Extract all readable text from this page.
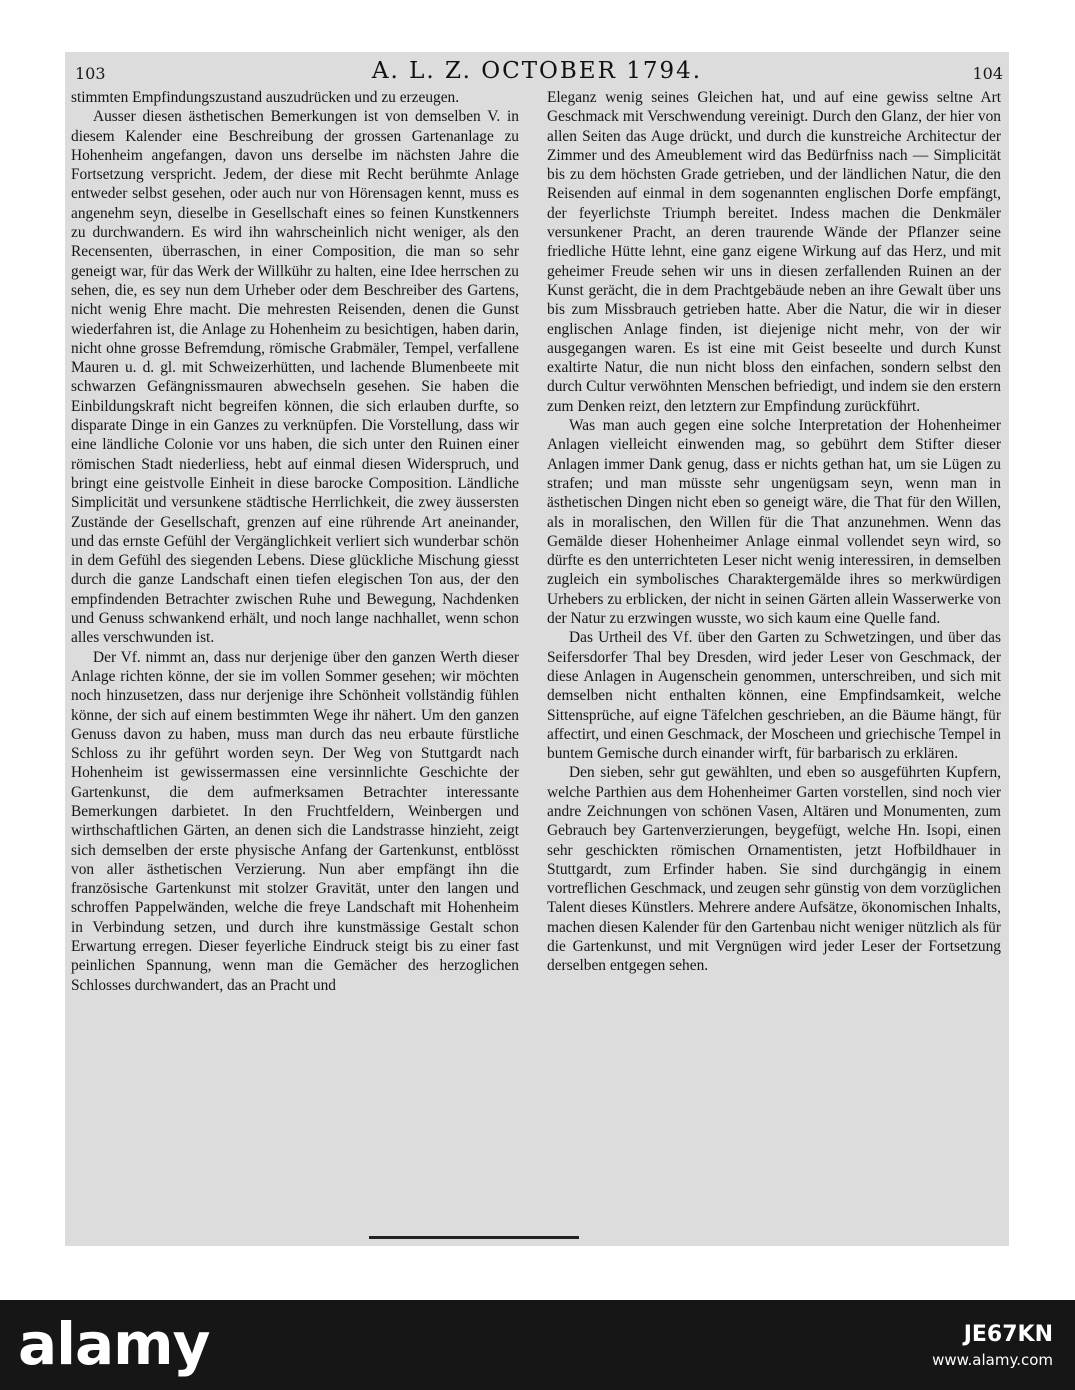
103	A. L. Z. OCTOBER 1794.	104

stimmten Empfindungszustand auszudrücken und zu erzeugen.

Ausser diesen ästhetischen Bemerkungen ist von demselben V. in diesem Kalender eine Beschreibung der grossen Gartenanlage zu Hohenheim angefangen, davon uns derselbe im nächsten Jahre die Fortsetzung verspricht. Jedem, der diese mit Recht berühmte Anlage entweder selbst gesehen, oder auch nur von Hörensagen kennt, muss es angenehm seyn, dieselbe in Gesellschaft eines so feinen Kunstkenners zu durchwandern. Es wird ihn wahrscheinlich nicht weniger, als den Recensenten, überraschen, in einer Composition, die man so sehr geneigt war, für das Werk der Willkühr zu halten, eine Idee herrschen zu sehen, die, es sey nun dem Urheber oder dem Beschreiber des Gartens, nicht wenig Ehre macht. Die mehresten Reisenden, denen die Gunst wiederfahren ist, die Anlage zu Hohenheim zu besichtigen, haben darin, nicht ohne grosse Befremdung, römische Grabmäler, Tempel, verfallene Mauren u. d. gl. mit Schweizerhütten, und lachende Blumenbeete mit schwarzen Gefängnissmauren abwechseln gesehen. Sie haben die Einbildungskraft nicht begreifen können, die sich erlauben durfte, so disparate Dinge in ein Ganzes zu verknüpfen. Die Vorstellung, dass wir eine ländliche Colonie vor uns haben, die sich unter den Ruinen einer römischen Stadt niederliess, hebt auf einmal diesen Widerspruch, und bringt eine geistvolle Einheit in diese barocke Composition. Ländliche Simplicität und versunkene städtische Herrlichkeit, die zwey äussersten Zustände der Gesellschaft, grenzen auf eine rührende Art aneinander, und das ernste Gefühl der Vergänglichkeit verliert sich wunderbar schön in dem Gefühl des siegenden Lebens. Diese glückliche Mischung giesst durch die ganze Landschaft einen tiefen elegischen Ton aus, der den empfindenden Betrachter zwischen Ruhe und Bewegung, Nachdenken und Genuss schwankend erhält, und noch lange nachhallet, wenn schon alles verschwunden ist.

Der Vf. nimmt an, dass nur derjenige über den ganzen Werth dieser Anlage richten könne, der sie im vollen Sommer gesehen; wir möchten noch hinzusetzen, dass nur derjenige ihre Schönheit vollständig fühlen könne, der sich auf einem bestimmten Wege ihr nähert. Um den ganzen Genuss davon zu haben, muss man durch das neu erbaute fürstliche Schloss zu ihr geführt worden seyn. Der Weg von Stuttgardt nach Hohenheim ist gewissermassen eine versinnlichte Geschichte der Gartenkunst, die dem aufmerksamen Betrachter interessante Bemerkungen darbietet. In den Fruchtfeldern, Weinbergen und wirthschaftlichen Gärten, an denen sich die Landstrasse hinzieht, zeigt sich demselben der erste physische Anfang der Gartenkunst, entblösst von aller ästhetischen Verzierung. Nun aber empfängt ihn die französische Gartenkunst mit stolzer Gravität, unter den langen und schroffen Pappelwänden, welche die freye Landschaft mit Hohenheim in Verbindung setzen, und durch ihre kunstmässige Gestalt schon Erwartung erregen. Dieser feyerliche Eindruck steigt bis zu einer fast peinlichen Spannung, wenn man die Gemächer des herzoglichen Schlosses durchwandert, das an Pracht und

Eleganz wenig seines Gleichen hat, und auf eine gewiss seltne Art Geschmack mit Verschwendung vereinigt. Durch den Glanz, der hier von allen Seiten das Auge drückt, und durch die kunstreiche Architectur der Zimmer und des Ameublement wird das Bedürfniss nach — Simplicität bis zu dem höchsten Grade getrieben, und der ländlichen Natur, die den Reisenden auf einmal in dem sogenannten englischen Dorfe empfängt, der feyerlichste Triumph bereitet. Indess machen die Denkmäler versunkener Pracht, an deren traurende Wände der Pflanzer seine friedliche Hütte lehnt, eine ganz eigene Wirkung auf das Herz, und mit geheimer Freude sehen wir uns in diesen zerfallenden Ruinen an der Kunst gerächt, die in dem Prachtgebäude neben an ihre Gewalt über uns bis zum Missbrauch getrieben hatte. Aber die Natur, die wir in dieser englischen Anlage finden, ist diejenige nicht mehr, von der wir ausgegangen waren. Es ist eine mit Geist beseelte und durch Kunst exaltirte Natur, die nun nicht bloss den einfachen, sondern selbst den durch Cultur verwöhnten Menschen befriedigt, und indem sie den erstern zum Denken reizt, den letztern zur Empfindung zurückführt.

Was man auch gegen eine solche Interpretation der Hohenheimer Anlagen vielleicht einwenden mag, so gebührt dem Stifter dieser Anlagen immer Dank genug, dass er nichts gethan hat, um sie Lügen zu strafen; und man müsste sehr ungenügsam seyn, wenn man in ästhetischen Dingen nicht eben so geneigt wäre, die That für den Willen, als in moralischen, den Willen für die That anzunehmen. Wenn das Gemälde dieser Hohenheimer Anlage einmal vollendet seyn wird, so dürfte es den unterrichteten Leser nicht wenig interessiren, in demselben zugleich ein symbolisches Charaktergemälde ihres so merkwürdigen Urhebers zu erblicken, der nicht in seinen Gärten allein Wasserwerke von der Natur zu erzwingen wusste, wo sich kaum eine Quelle fand.

Das Urtheil des Vf. über den Garten zu Schwetzingen, und über das Seifersdorfer Thal bey Dresden, wird jeder Leser von Geschmack, der diese Anlagen in Augenschein genommen, unterschreiben, und sich mit demselben nicht enthalten können, eine Empfindsamkeit, welche Sittensprüche, auf eigne Täfelchen geschrieben, an die Bäume hängt, für affectirt, und einen Geschmack, der Moscheen und griechische Tempel in buntem Gemische durch einander wirft, für barbarisch zu erklären.

Den sieben, sehr gut gewählten, und eben so ausgeführten Kupfern, welche Parthien aus dem Hohenheimer Garten vorstellen, sind noch vier andre Zeichnungen von schönen Vasen, Altären und Monumenten, zum Gebrauch bey Gartenverzierungen, beygefügt, welche Hn. Isopi, einen sehr geschickten römischen Ornamentisten, jetzt Hofbildhauer in Stuttgardt, zum Erfinder haben. Sie sind durchgängig in einem vortreflichen Geschmack, und zeugen sehr günstig von dem vorzüglichen Talent dieses Künstlers. Mehrere andere Aufsätze, ökonomischen Inhalts, machen diesen Kalender für den Gartenbau nicht weniger nützlich als für die Gartenkunst, und mit Vergnügen wird jeder Leser der Fortsetzung derselben entgegen sehen.

alamy	JE67KN
www.alamy.com
